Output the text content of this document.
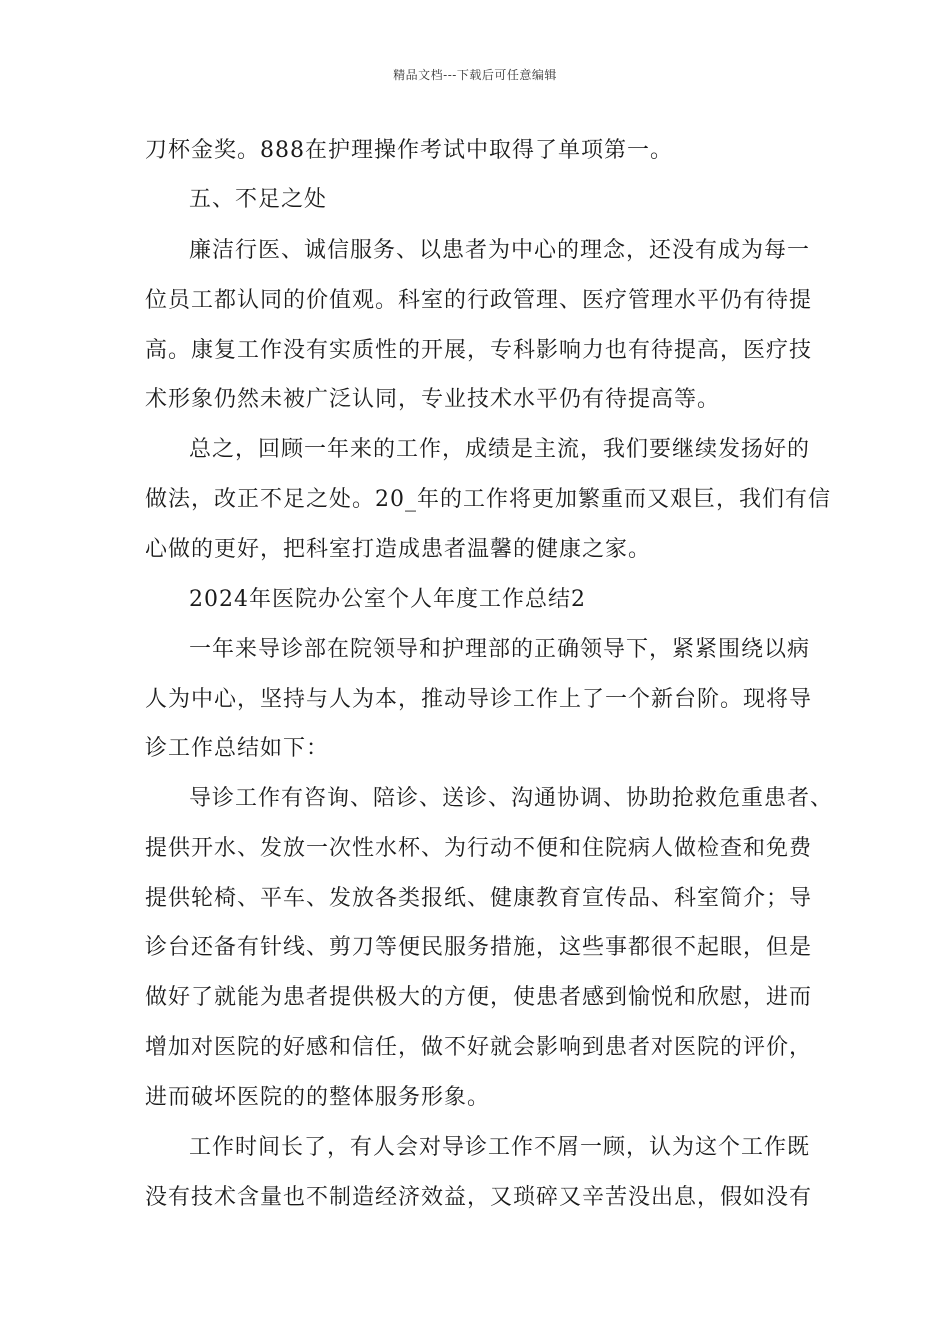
精品文档---下载后可任意编辑
刀杯金奖。888在护理操作考试中取得了单项第一。
五、不足之处
廉洁行医、诚信服务、以患者为中心的理念，还没有成为每一
位员工都认同的价值观。科室的行政管理、医疗管理水平仍有待提
高。康复工作没有实质性的开展，专科影响力也有待提高，医疗技
术形象仍然未被广泛认同，专业技术水平仍有待提高等。
总之，回顾一年来的工作，成绩是主流，我们要继续发扬好的
做法，改正不足之处。20_年的工作将更加繁重而又艰巨，我们有信
心做的更好，把科室打造成患者温馨的健康之家。
2024年医院办公室个人年度工作总结2
一年来导诊部在院领导和护理部的正确领导下，紧紧围绕以病
人为中心，坚持与人为本，推动导诊工作上了一个新台阶。现将导
诊工作总结如下：
导诊工作有咨询、陪诊、送诊、沟通协调、协助抢救危重患者、
提供开水、发放一次性水杯、为行动不便和住院病人做检查和免费
提供轮椅、平车、发放各类报纸、健康教育宣传品、科室简介；导
诊台还备有针线、剪刀等便民服务措施，这些事都很不起眼，但是
做好了就能为患者提供极大的方便，使患者感到愉悦和欣慰，进而
增加对医院的好感和信任，做不好就会影响到患者对医院的评价，
进而破坏医院的的整体服务形象。
工作时间长了，有人会对导诊工作不屑一顾，认为这个工作既
没有技术含量也不制造经济效益，又琐碎又辛苦没出息，假如没有
